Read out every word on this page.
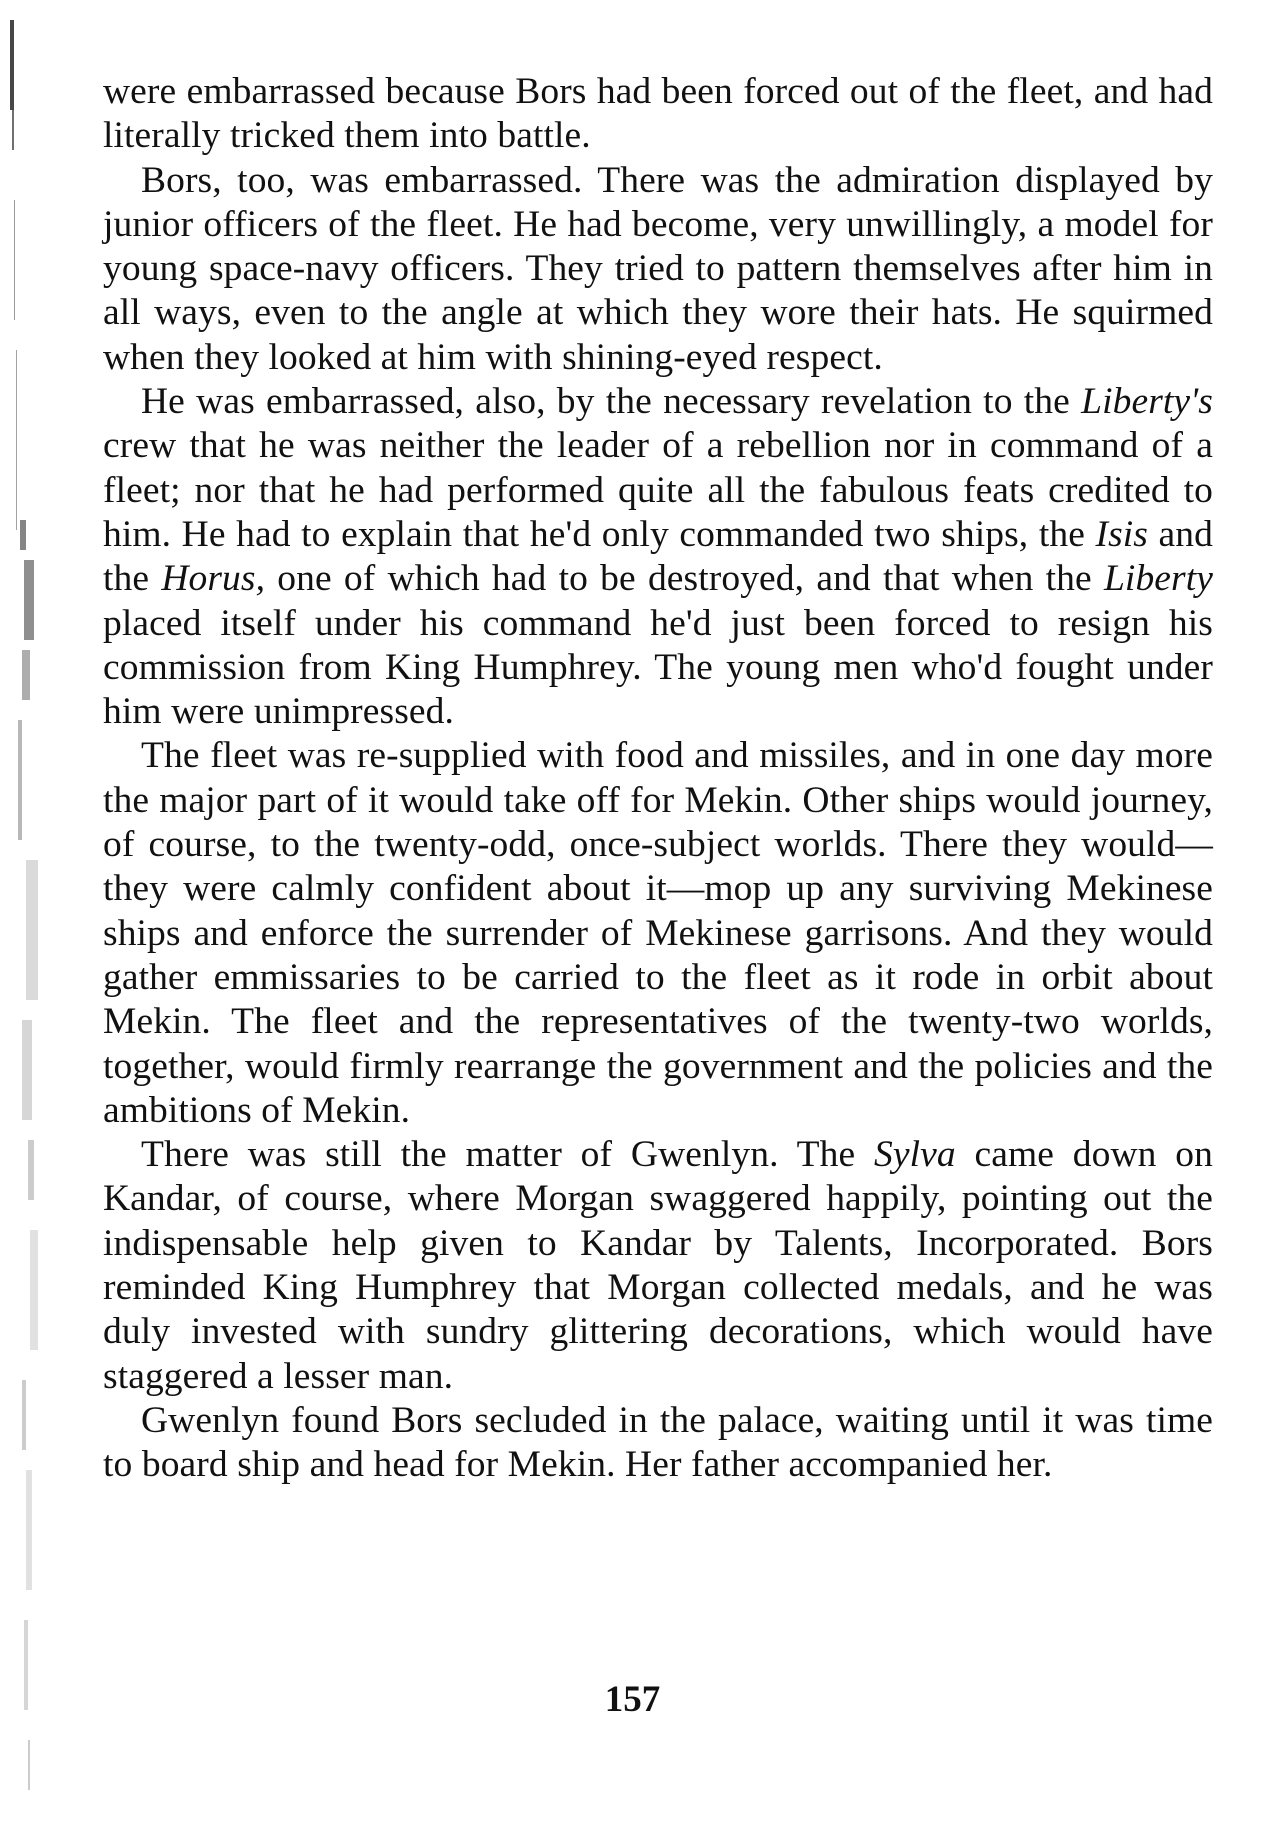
were embarrassed because Bors had been forced out of the fleet, and had literally tricked them into battle.

Bors, too, was embarrassed. There was the admiration displayed by junior officers of the fleet. He had become, very unwillingly, a model for young space-navy officers. They tried to pattern themselves after him in all ways, even to the angle at which they wore their hats. He squirmed when they looked at him with shining-eyed respect.

He was embarrassed, also, by the necessary revelation to the Liberty's crew that he was neither the leader of a rebellion nor in command of a fleet; nor that he had performed quite all the fabulous feats credited to him. He had to explain that he'd only commanded two ships, the Isis and the Horus, one of which had to be destroyed, and that when the Liberty placed itself under his command he'd just been forced to resign his commission from King Humphrey. The young men who'd fought under him were unimpressed.

The fleet was re-supplied with food and missiles, and in one day more the major part of it would take off for Mekin. Other ships would journey, of course, to the twenty-odd, once-subject worlds. There they would—they were calmly confident about it—mop up any surviving Mekinese ships and enforce the surrender of Mekinese garrisons. And they would gather emmissaries to be carried to the fleet as it rode in orbit about Mekin. The fleet and the representatives of the twenty-two worlds, together, would firmly rearrange the government and the policies and the ambitions of Mekin.

There was still the matter of Gwenlyn. The Sylva came down on Kandar, of course, where Morgan swaggered happily, pointing out the indispensable help given to Kandar by Talents, Incorporated. Bors reminded King Humphrey that Morgan collected medals, and he was duly invested with sundry glittering decorations, which would have staggered a lesser man.

Gwenlyn found Bors secluded in the palace, waiting until it was time to board ship and head for Mekin. Her father accompanied her.

157
